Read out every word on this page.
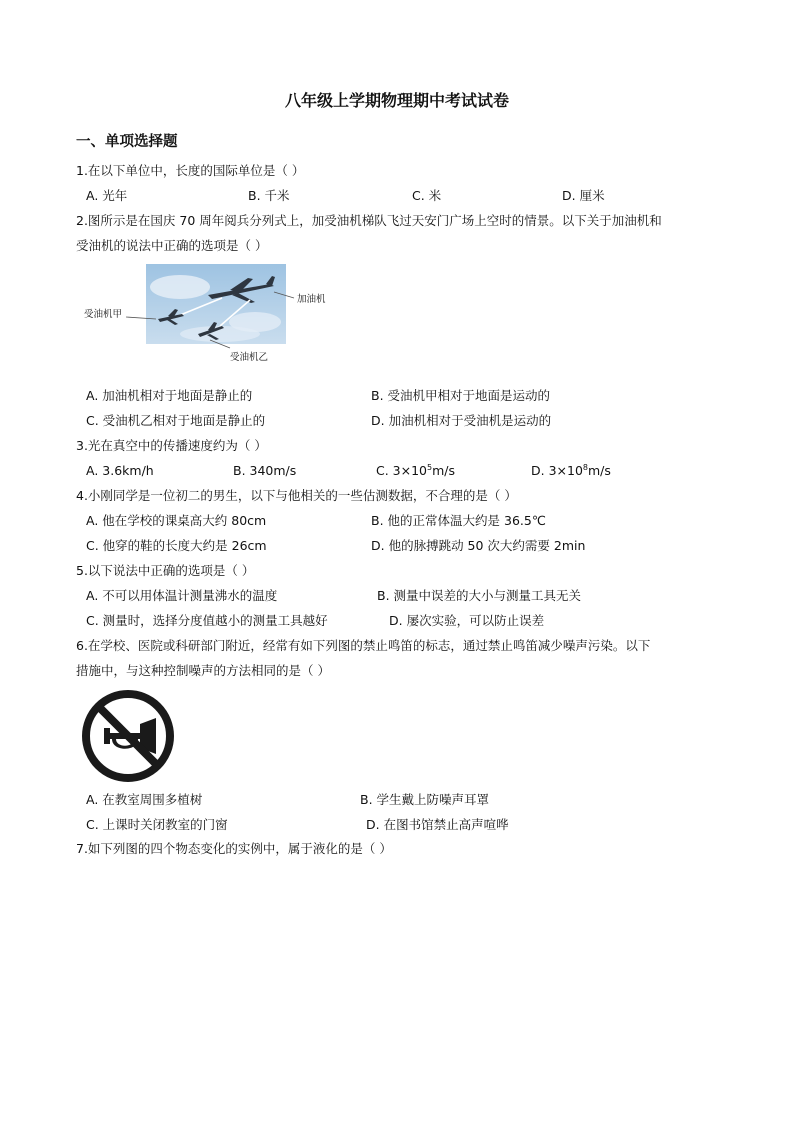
八年级上学期物理期中考试试卷
一、单项选择题
1.在以下单位中，长度的国际单位是（ ）
A. 光年	B. 千米	C. 米	D. 厘米
2.图所示是在国庆 70 周年阅兵分列式上，加受油机梯队飞过天安门广场上空时的情景。以下关于加油机和
受油机的说法中正确的选项是（ ）
加油机
受油机甲
受油机乙
A. 加油机相对于地面是静止的	B. 受油机甲相对于地面是运动的
C. 受油机乙相对于地面是静止的	D. 加油机相对于受油机是运动的
3.光在真空中的传播速度约为（ ）
A. 3.6km/h	B. 340m/s	C. $3\times 10^5m/s$	D. $3\times 10^8m/s$
4.小刚同学是一位初二的男生，以下与他相关的一些估测数据，不合理的是（ ）
A. 他在学校的课桌高大约 80cm	B. 他的正常体温大约是 36.5℃
C. 他穿的鞋的长度大约是 26cm	D. 他的脉搏跳动 50 次大约需要 2min
5.以下说法中正确的选项是（ ）
A. 不可以用体温计测量沸水的温度	B. 测量中误差的大小与测量工具无关
C. 测量时，选择分度值越小的测量工具越好	D. 屡次实验，可以防止误差
6.在学校、医院或科研部门附近，经常有如下列图的禁止鸣笛的标志，通过禁止鸣笛减少噪声污染。以下
措施中，与这种控制噪声的方法相同的是（ ）
A. 在教室周围多植树	B. 学生戴上防噪声耳罩
C. 上课时关闭教室的门窗	D. 在图书馆禁止高声喧哗
7.如下列图的四个物态变化的实例中，属于液化的是（ ）
